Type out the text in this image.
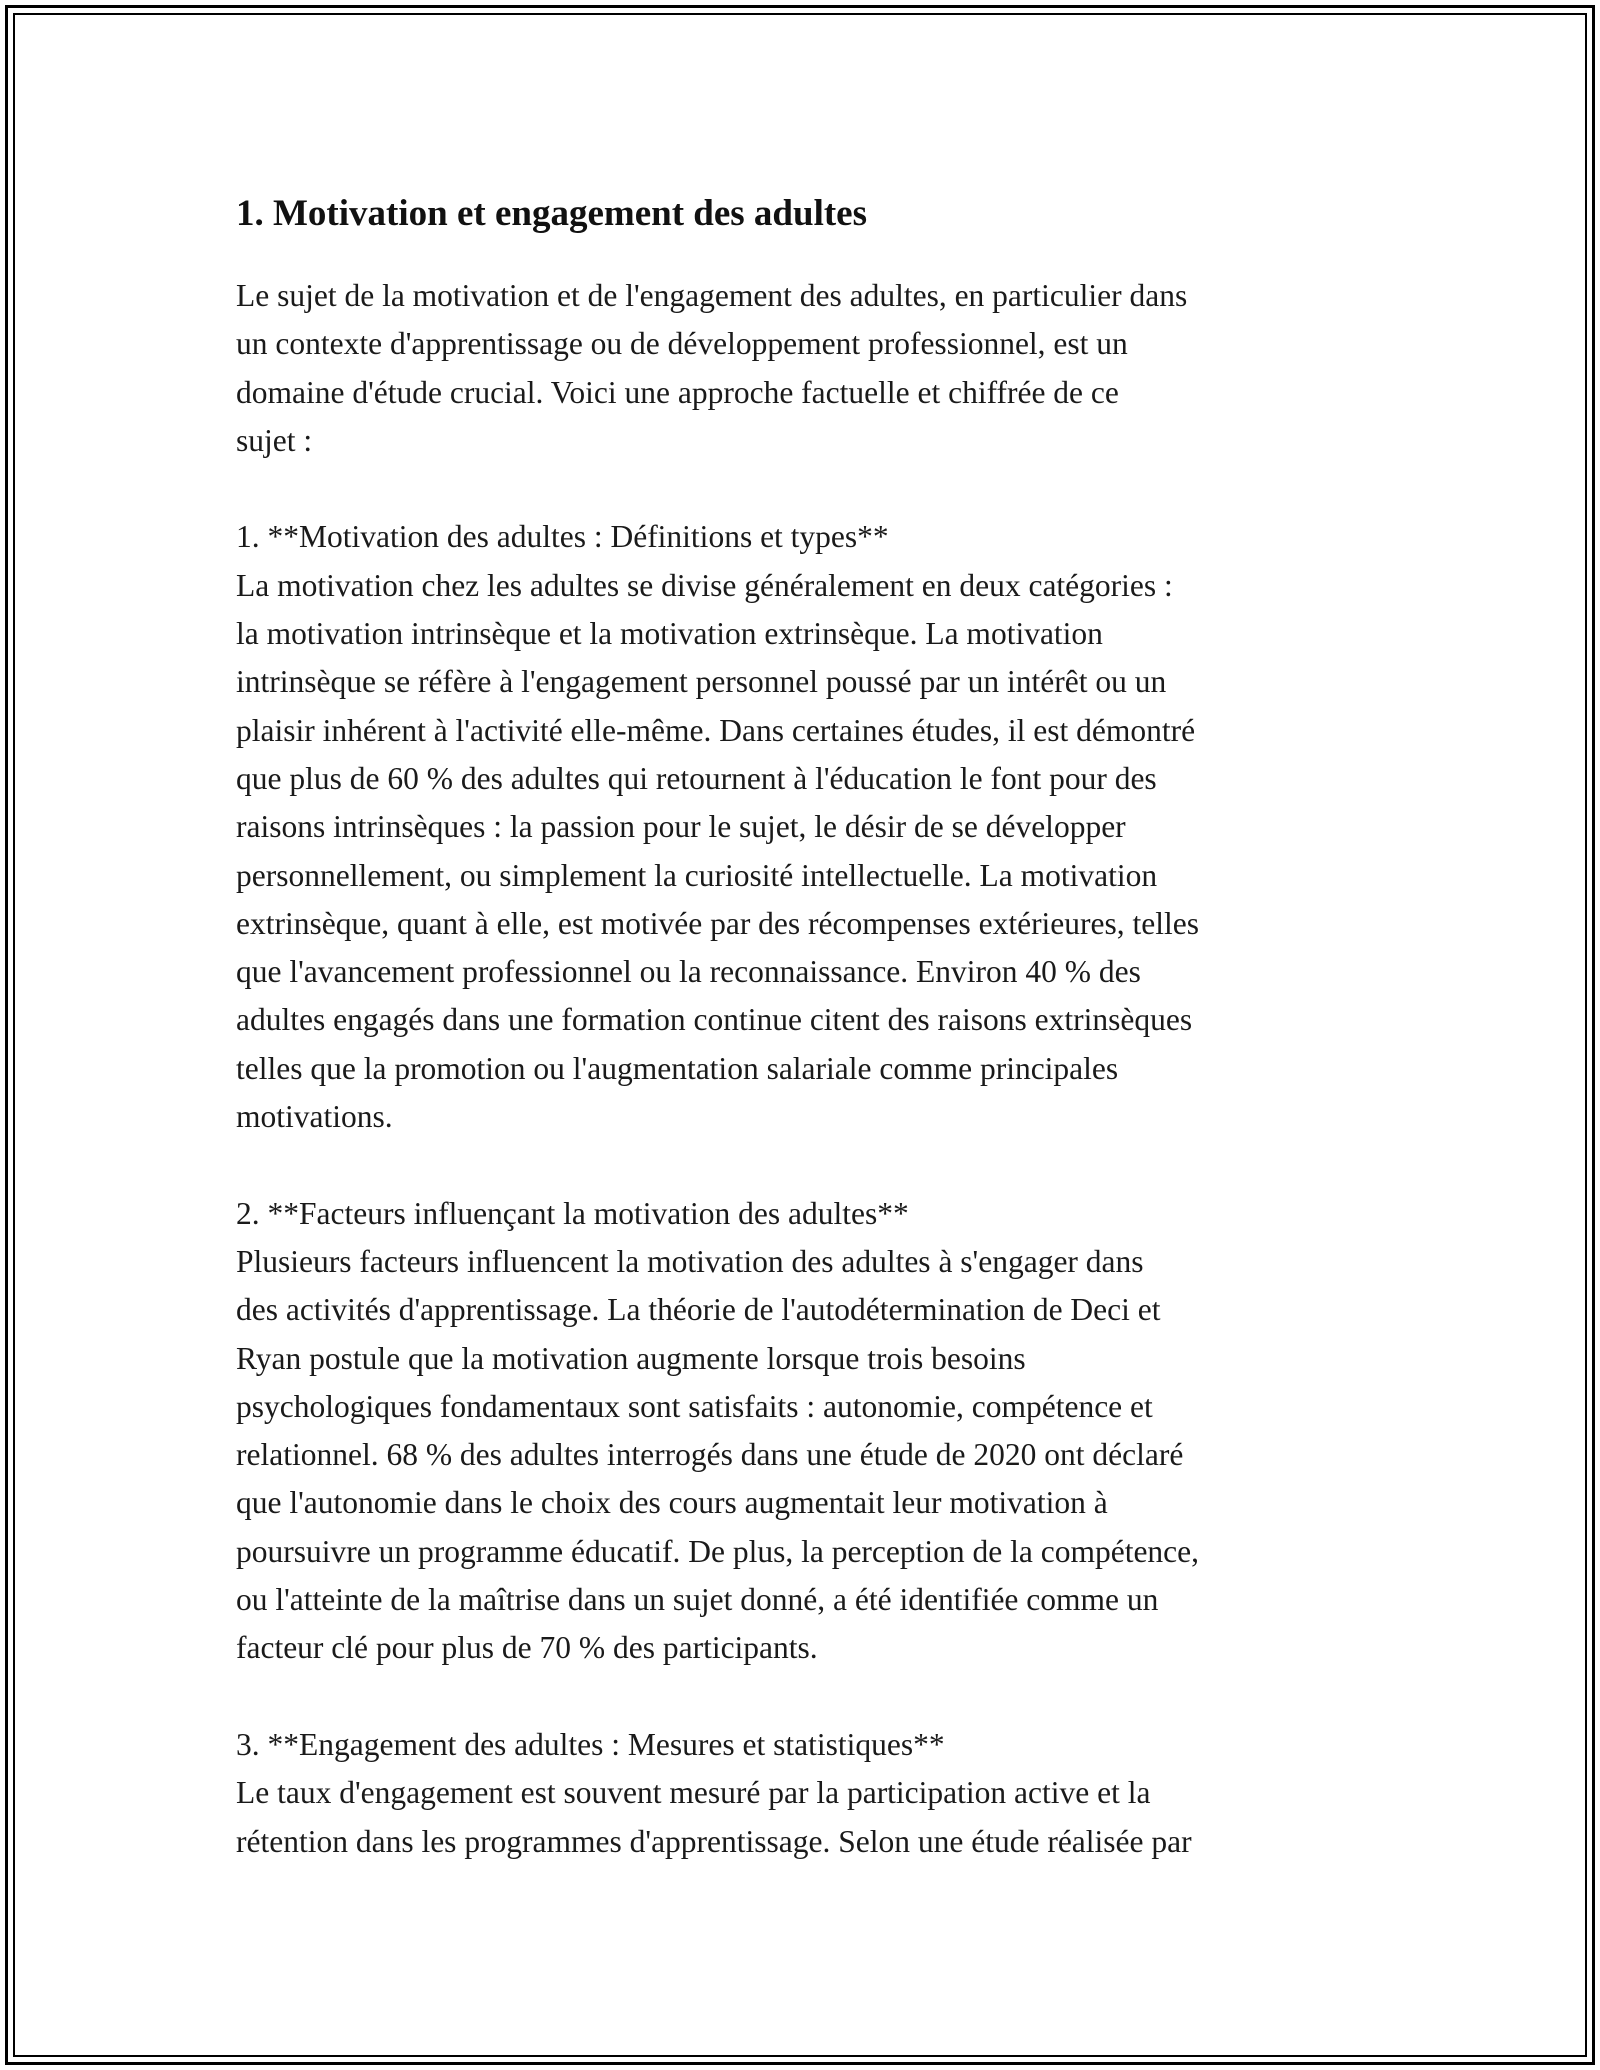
1. Motivation et engagement des adultes

Le sujet de la motivation et de l'engagement des adultes, en particulier dans
un contexte d'apprentissage ou de développement professionnel, est un
domaine d'étude crucial. Voici une approche factuelle et chiffrée de ce
sujet :

1. **Motivation des adultes : Définitions et types**

La motivation chez les adultes se divise généralement en deux catégories :
la motivation intrinsèque et la motivation extrinsèque. La motivation
intrinsèque se réfère à l'engagement personnel poussé par un intérêt ou un
plaisir inhérent à l'activité elle-même. Dans certaines études, il est démontré
que plus de 60 % des adultes qui retournent à l'éducation le font pour des
raisons intrinsèques : la passion pour le sujet, le désir de se développer
personnellement, ou simplement la curiosité intellectuelle. La motivation
extrinsèque, quant à elle, est motivée par des récompenses extérieures, telles
que l'avancement professionnel ou la reconnaissance. Environ 40 % des
adultes engagés dans une formation continue citent des raisons extrinsèques
telles que la promotion ou l'augmentation salariale comme principales
motivations.

2. **Facteurs influençant la motivation des adultes**

Plusieurs facteurs influencent la motivation des adultes à s'engager dans
des activités d'apprentissage. La théorie de l'autodétermination de Deci et
Ryan postule que la motivation augmente lorsque trois besoins
psychologiques fondamentaux sont satisfaits : autonomie, compétence et
relationnel. 68 % des adultes interrogés dans une étude de 2020 ont déclaré
que l'autonomie dans le choix des cours augmentait leur motivation à
poursuivre un programme éducatif. De plus, la perception de la compétence,
ou l'atteinte de la maîtrise dans un sujet donné, a été identifiée comme un
facteur clé pour plus de 70 % des participants.

3. **Engagement des adultes : Mesures et statistiques**

Le taux d'engagement est souvent mesuré par la participation active et la
rétention dans les programmes d'apprentissage. Selon une étude réalisée par
